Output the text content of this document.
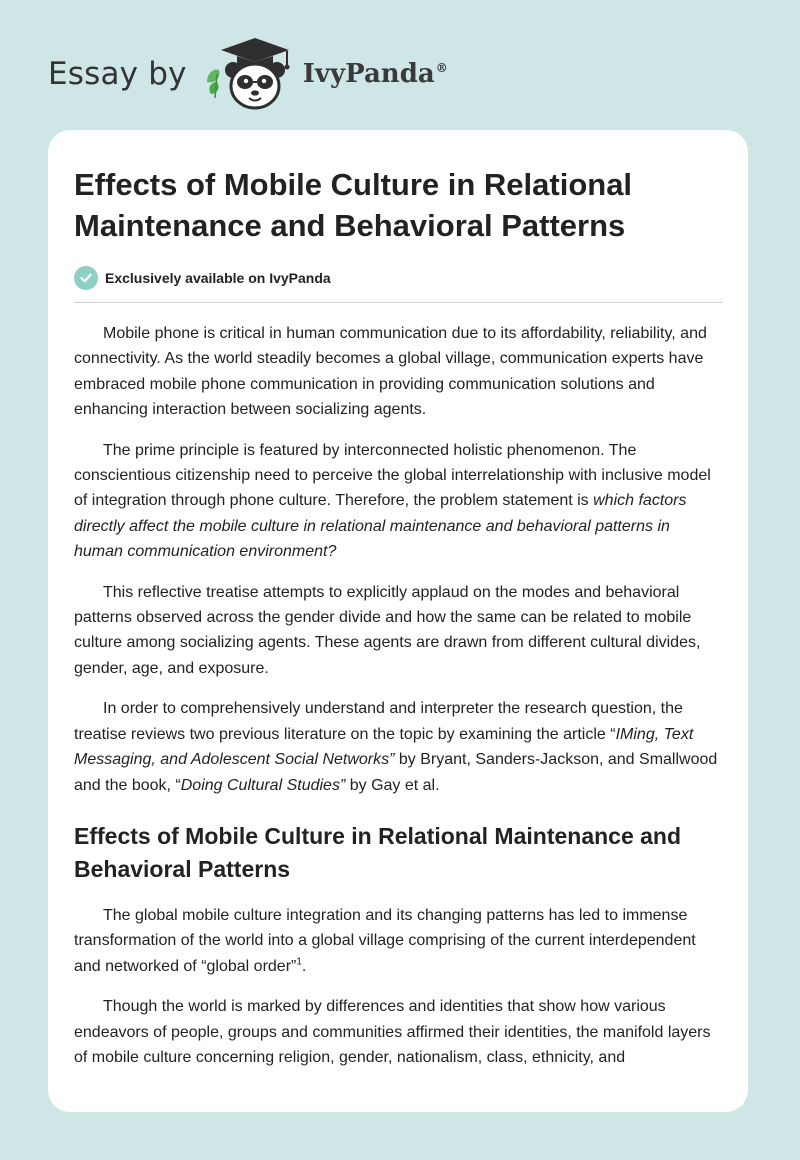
Essay by	IvyPanda®
Effects of Mobile Culture in Relational Maintenance and Behavioral Patterns
Exclusively available on IvyPanda

Mobile phone is critical in human communication due to its affordability, reliability, and connectivity. As the world steadily becomes a global village, communication experts have embraced mobile phone communication in providing communication solutions and enhancing interaction between socializing agents.

The prime principle is featured by interconnected holistic phenomenon. The conscientious citizenship need to perceive the global interrelationship with inclusive model of integration through phone culture. Therefore, the problem statement is which factors directly affect the mobile culture in relational maintenance and behavioral patterns in human communication environment?

This reflective treatise attempts to explicitly applaud on the modes and behavioral patterns observed across the gender divide and how the same can be related to mobile culture among socializing agents. These agents are drawn from different cultural divides, gender, age, and exposure.

In order to comprehensively understand and interpreter the research question, the treatise reviews two previous literature on the topic by examining the article “IMing, Text Messaging, and Adolescent Social Networks” by Bryant, Sanders-Jackson, and Smallwood and the book, “Doing Cultural Studies” by Gay et al.

Effects of Mobile Culture in Relational Maintenance and Behavioral Patterns

The global mobile culture integration and its changing patterns has led to immense transformation of the world into a global village comprising of the current interdependent and networked of “global order”$^1$.

Though the world is marked by differences and identities that show how various endeavors of people, groups and communities affirmed their identities, the manifold layers of mobile culture concerning religion, gender, nationalism, class, ethnicity, and
